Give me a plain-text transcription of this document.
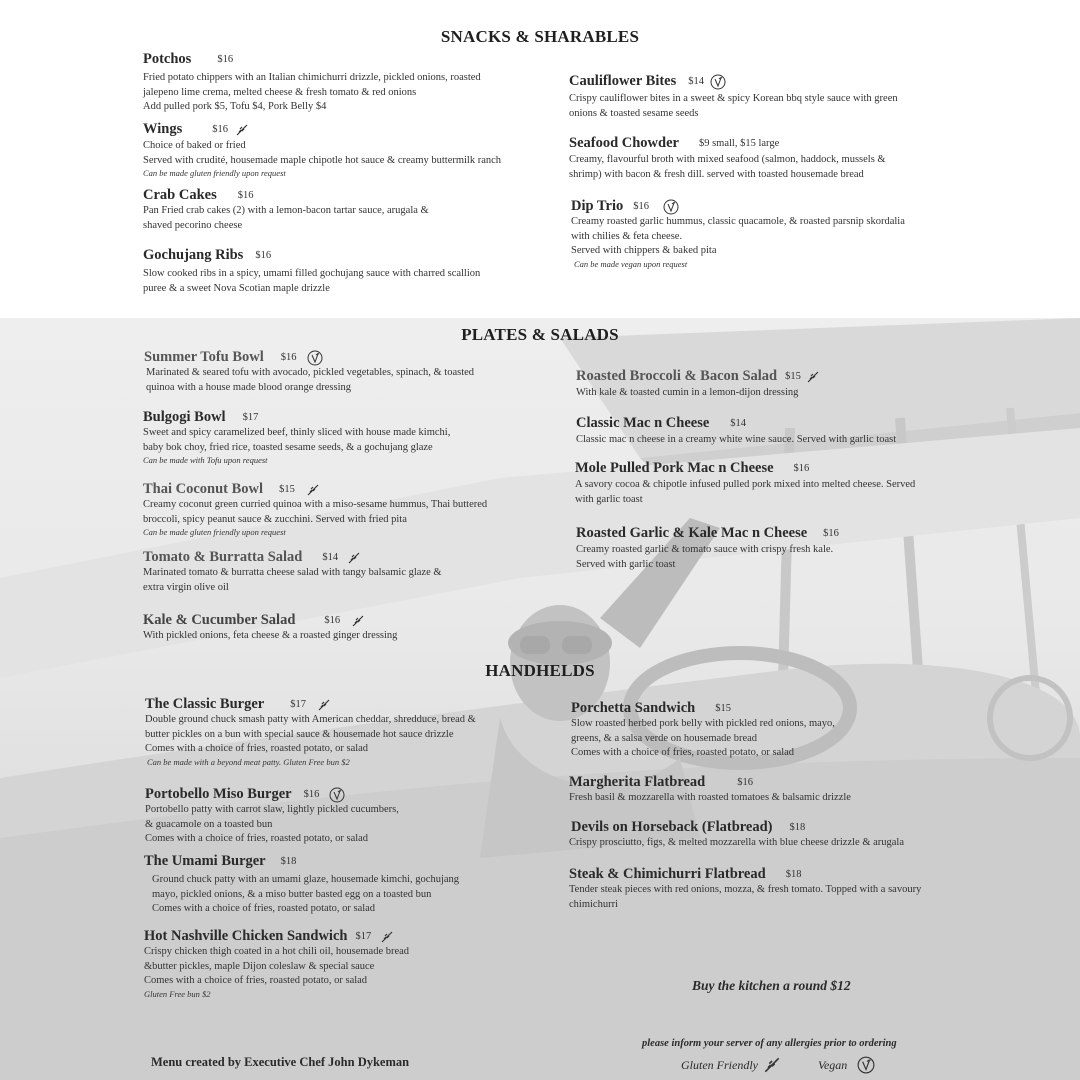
SNACKS & SHARABLES
PLATES & SALADS
HANDHELDS
Potchos $16
Fried potato chippers with an Italian chimichurri drizzle, pickled onions, roasted
jalepeno lime crema, melted cheese & fresh tomato & red onions
Add pulled pork $5, Tofu $4, Pork Belly $4
Wings	$16
Choice of baked or fried
Served with crudité, housemade maple chipotle hot sauce & creamy buttermilk ranch
Can be made gluten friendly upon request
Crab Cakes $16
Pan Fried crab cakes (2) with a lemon-bacon tartar sauce, arugala &
shaved pecorino cheese
Gochujang Ribs $16
Slow cooked ribs in a spicy, umami filled gochujang sauce with charred scallion
puree & a sweet Nova Scotian maple drizzle
Cauliflower Bites $14
Crispy cauliflower bites in a sweet & spicy Korean bbq style sauce with green
onions & toasted sesame seeds
Seafood Chowder $9 small, $15 large
Creamy, flavourful broth with mixed seafood (salmon, haddock, mussels &
shrimp) with bacon & fresh dill. served with toasted housemade bread
Dip Trio $16
Creamy roasted garlic hummus, classic quacamole, & roasted parsnip skordalia
with chilies & feta cheese.
Served with chippers & baked pita
Can be made vegan upon request
Summer Tofu Bowl $16
Marinated & seared tofu with avocado, pickled vegetables, spinach, & toasted
quinoa with a house made blood orange dressing
Bulgogi Bowl $17
Sweet and spicy caramelized beef, thinly sliced with house made kimchi,
baby bok choy, fried rice, toasted sesame seeds, & a gochujang glaze
Can be made with Tofu upon request
Thai Coconut Bowl $15
Creamy coconut green curried quinoa with a miso-sesame hummus, Thai buttered
broccoli, spicy peanut sauce & zucchini. Served with fried pita
Can be made gluten friendly upon request
Tomato & Burratta Salad $14
Marinated tomato & burratta cheese salad with tangy balsamic glaze &
extra virgin olive oil
Kale & Cucumber Salad	$16
With pickled onions, feta cheese & a roasted ginger dressing
Roasted Broccoli & Bacon Salad $15
With kale & toasted cumin in a lemon-dijon dressing
Classic Mac n Cheese $14
Classic mac n cheese in a creamy white wine sauce. Served with garlic toast
Mole Pulled Pork Mac n Cheese $16
A savory cocoa & chipotle infused pulled pork mixed into melted cheese. Served
with garlic toast
Roasted Garlic & Kale Mac n Cheese $16
Creamy roasted garlic & tomato sauce with crispy fresh kale.
Served with garlic toast
The Classic Burger $17
Double ground chuck smash patty with American cheddar, shredduce, bread &
butter pickles on a bun with special sauce & housemade hot sauce drizzle
Comes with a choice of fries, roasted potato, or salad
Can be made with a beyond meat patty. Gluten Free bun $2
Portobello Miso Burger $16
Portobello patty with carrot slaw, lightly pickled cucumbers,
& guacamole on a toasted bun
Comes with a choice of fries, roasted potato, or salad
The Umami Burger $18
Ground chuck patty with an umami glaze, housemade kimchi, gochujang
mayo, pickled onions, & a miso butter basted egg on a toasted bun
Comes with a choice of fries, roasted potato, or salad
Hot Nashville Chicken Sandwich $17
Crispy chicken thigh coated in a hot chili oil, housemade bread
&butter pickles, maple Dijon coleslaw & special sauce
Comes with a choice of fries, roasted potato, or salad
Gluten Free bun $2
Porchetta Sandwich $15
Slow roasted herbed pork belly with pickled red onions, mayo,
greens, & a salsa verde on housemade bread
Comes with a choice of fries, roasted potato, or salad
Margherita Flatbread	$16
Fresh basil & mozzarella with roasted tomatoes & balsamic drizzle
Devils on Horseback (Flatbread) $18
Crispy prosciutto, figs, & melted mozzarella with blue cheese drizzle & arugala
Steak & Chimichurri Flatbread $18
Tender steak pieces with red onions, mozza, & fresh tomato. Topped with a savoury
chimichurri
Buy the kitchen a round $12
please inform your server of any allergies prior to ordering
Gluten Friendly	Vegan
Menu created by Executive Chef John Dykeman
